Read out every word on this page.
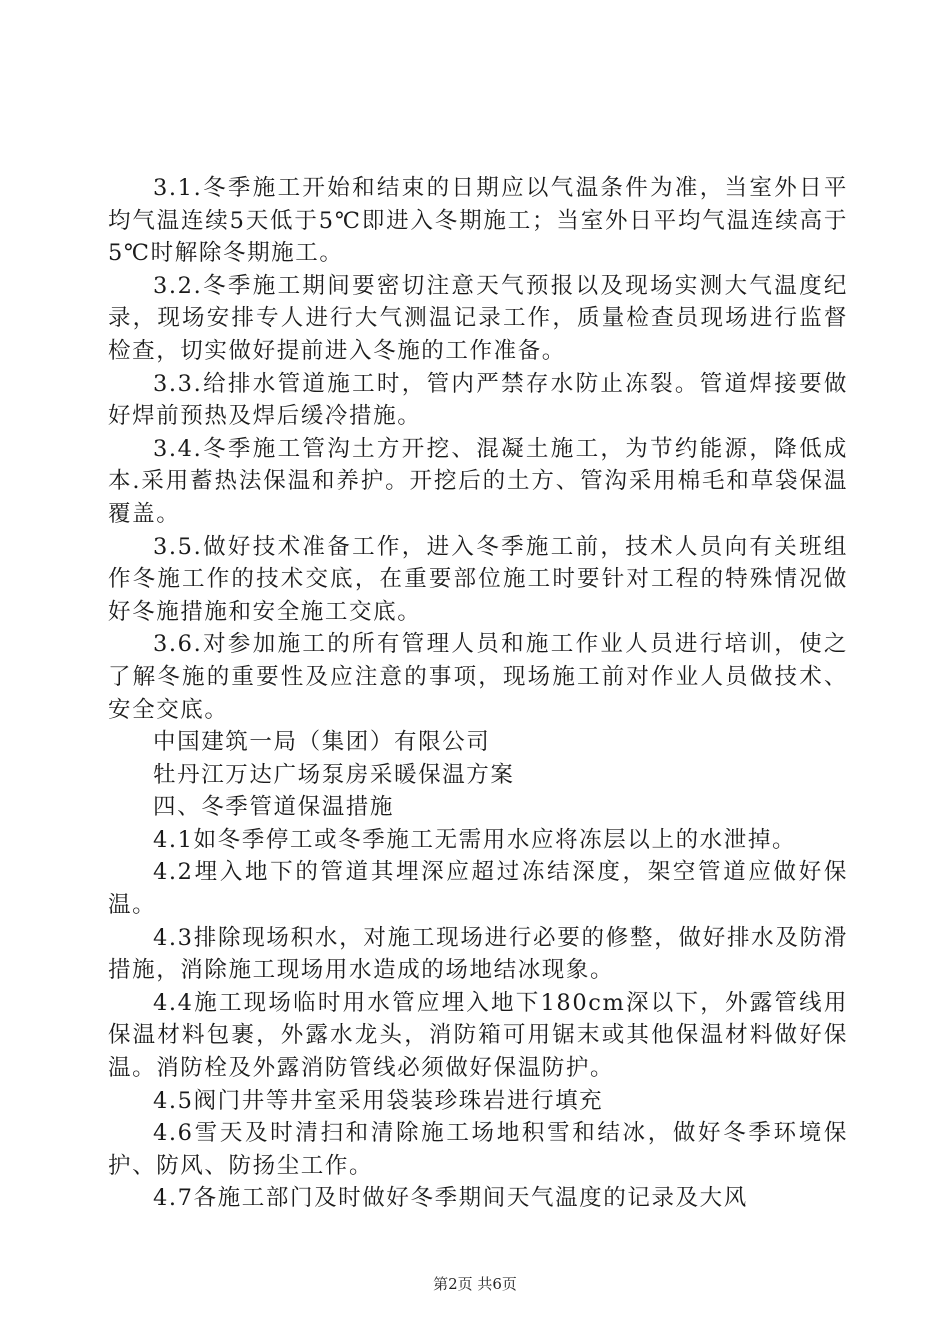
3.1.冬季施工开始和结束的日期应以气温条件为准，当室外日平均气温连续5天低于5℃即进入冬期施工；当室外日平均气温连续高于5℃时解除冬期施工。

3.2.冬季施工期间要密切注意天气预报以及现场实测大气温度纪录，现场安排专人进行大气测温记录工作，质量检查员现场进行监督检查，切实做好提前进入冬施的工作准备。

3.3.给排水管道施工时，管内严禁存水防止冻裂。管道焊接要做好焊前预热及焊后缓冷措施。

3.4.冬季施工管沟土方开挖、混凝土施工，为节约能源，降低成本.采用蓄热法保温和养护。开挖后的土方、管沟采用棉毛和草袋保温覆盖。

3.5.做好技术准备工作，进入冬季施工前，技术人员向有关班组作冬施工作的技术交底，在重要部位施工时要针对工程的特殊情况做好冬施措施和安全施工交底。

3.6.对参加施工的所有管理人员和施工作业人员进行培训，使之了解冬施的重要性及应注意的事项，现场施工前对作业人员做技术、安全交底。

中国建筑一局（集团）有限公司

牡丹江万达广场泵房采暖保温方案

四、冬季管道保温措施

4.1如冬季停工或冬季施工无需用水应将冻层以上的水泄掉。

4.2埋入地下的管道其埋深应超过冻结深度，架空管道应做好保温。

4.3排除现场积水，对施工现场进行必要的修整，做好排水及防滑措施，消除施工现场用水造成的场地结冰现象。

4.4施工现场临时用水管应埋入地下180cm深以下，外露管线用保温材料包裹，外露水龙头，消防箱可用锯末或其他保温材料做好保温。消防栓及外露消防管线必须做好保温防护。

4.5阀门井等井室采用袋装珍珠岩进行填充

4.6雪天及时清扫和清除施工场地积雪和结冰，做好冬季环境保护、防风、防扬尘工作。

4.7各施工部门及时做好冬季期间天气温度的记录及大风

第2页 共6页
